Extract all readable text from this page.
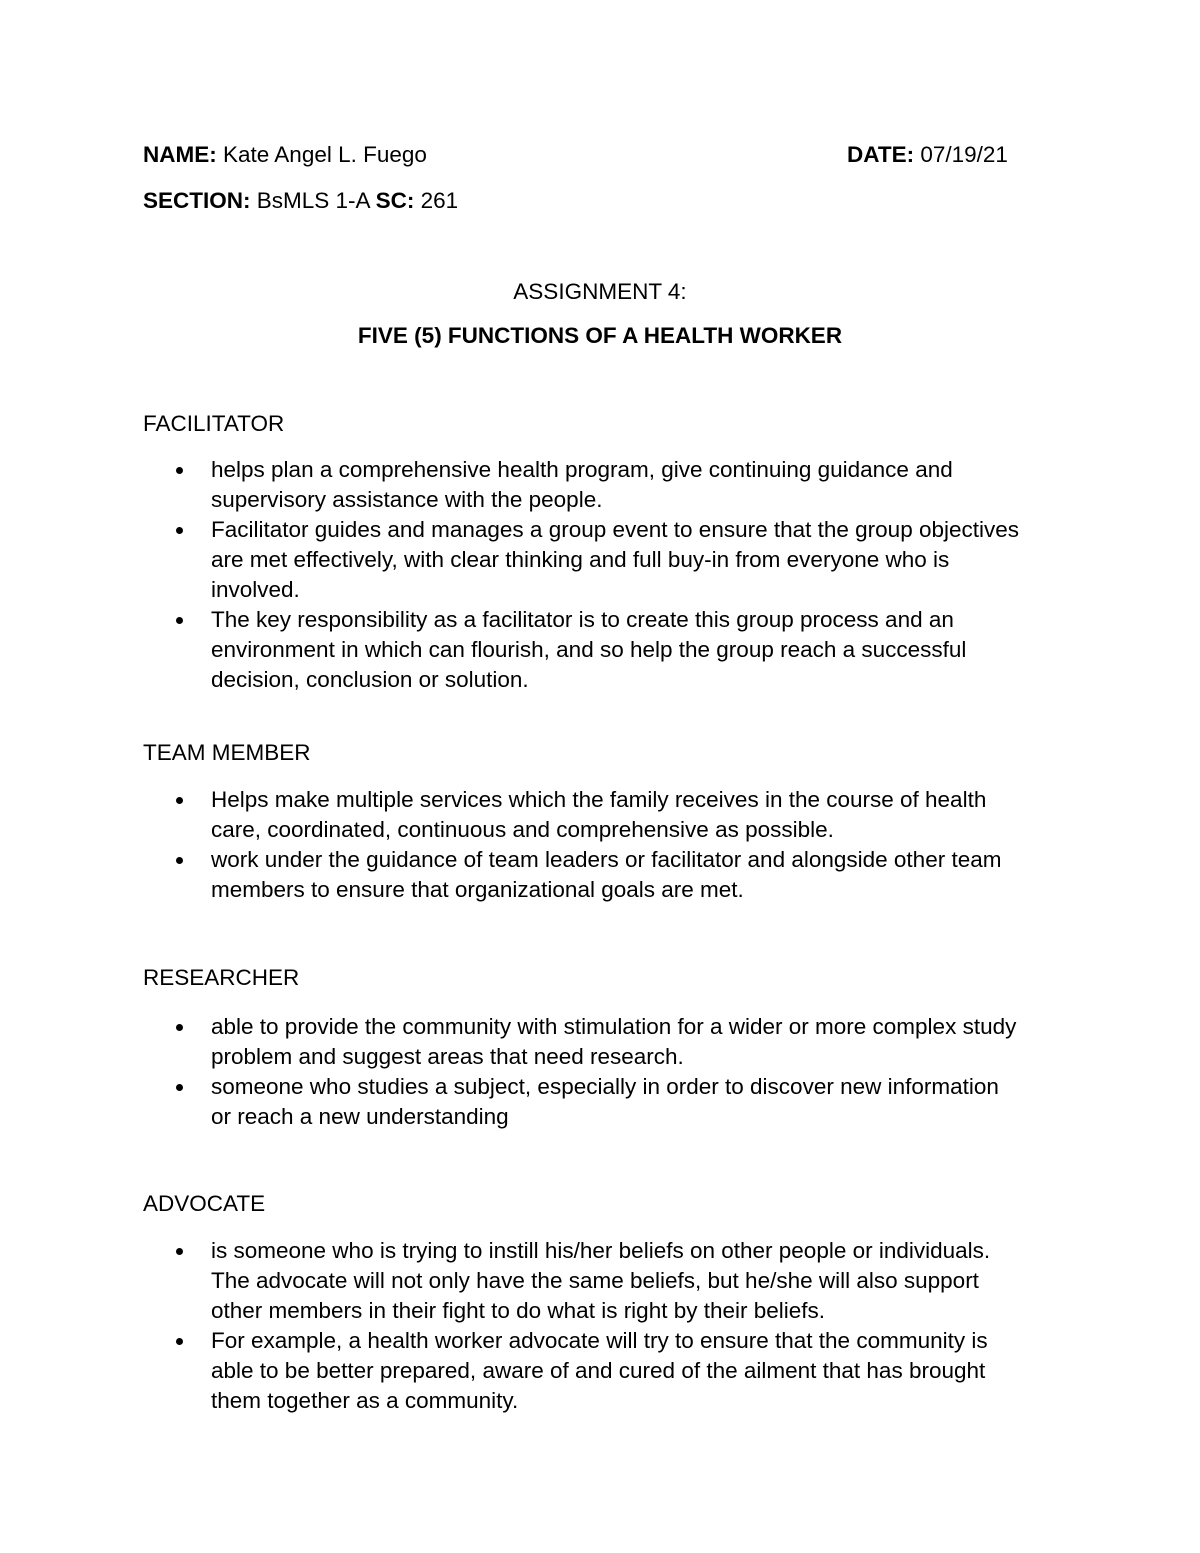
NAME: Kate Angel L. Fuego	DATE: 07/19/21
SECTION: BsMLS 1-A SC: 261
ASSIGNMENT 4:
FIVE (5) FUNCTIONS OF A HEALTH WORKER
FACILITATOR
helps plan a comprehensive health program, give continuing guidance and
supervisory assistance with the people.
Facilitator guides and manages a group event to ensure that the group objectives
are met effectively, with clear thinking and full buy-in from everyone who is
involved.
The key responsibility as a facilitator is to create this group process and an
environment in which can flourish, and so help the group reach a successful
decision, conclusion or solution.
TEAM MEMBER
Helps make multiple services which the family receives in the course of health
care, coordinated, continuous and comprehensive as possible.
work under the guidance of team leaders or facilitator and alongside other team
members to ensure that organizational goals are met.
RESEARCHER
able to provide the community with stimulation for a wider or more complex study
problem and suggest areas that need research.
someone who studies a subject, especially in order to discover new information
or reach a new understanding
ADVOCATE
is someone who is trying to instill his/her beliefs on other people or individuals.
The advocate will not only have the same beliefs, but he/she will also support
other members in their fight to do what is right by their beliefs.
For example, a health worker advocate will try to ensure that the community is
able to be better prepared, aware of and cured of the ailment that has brought
them together as a community.
